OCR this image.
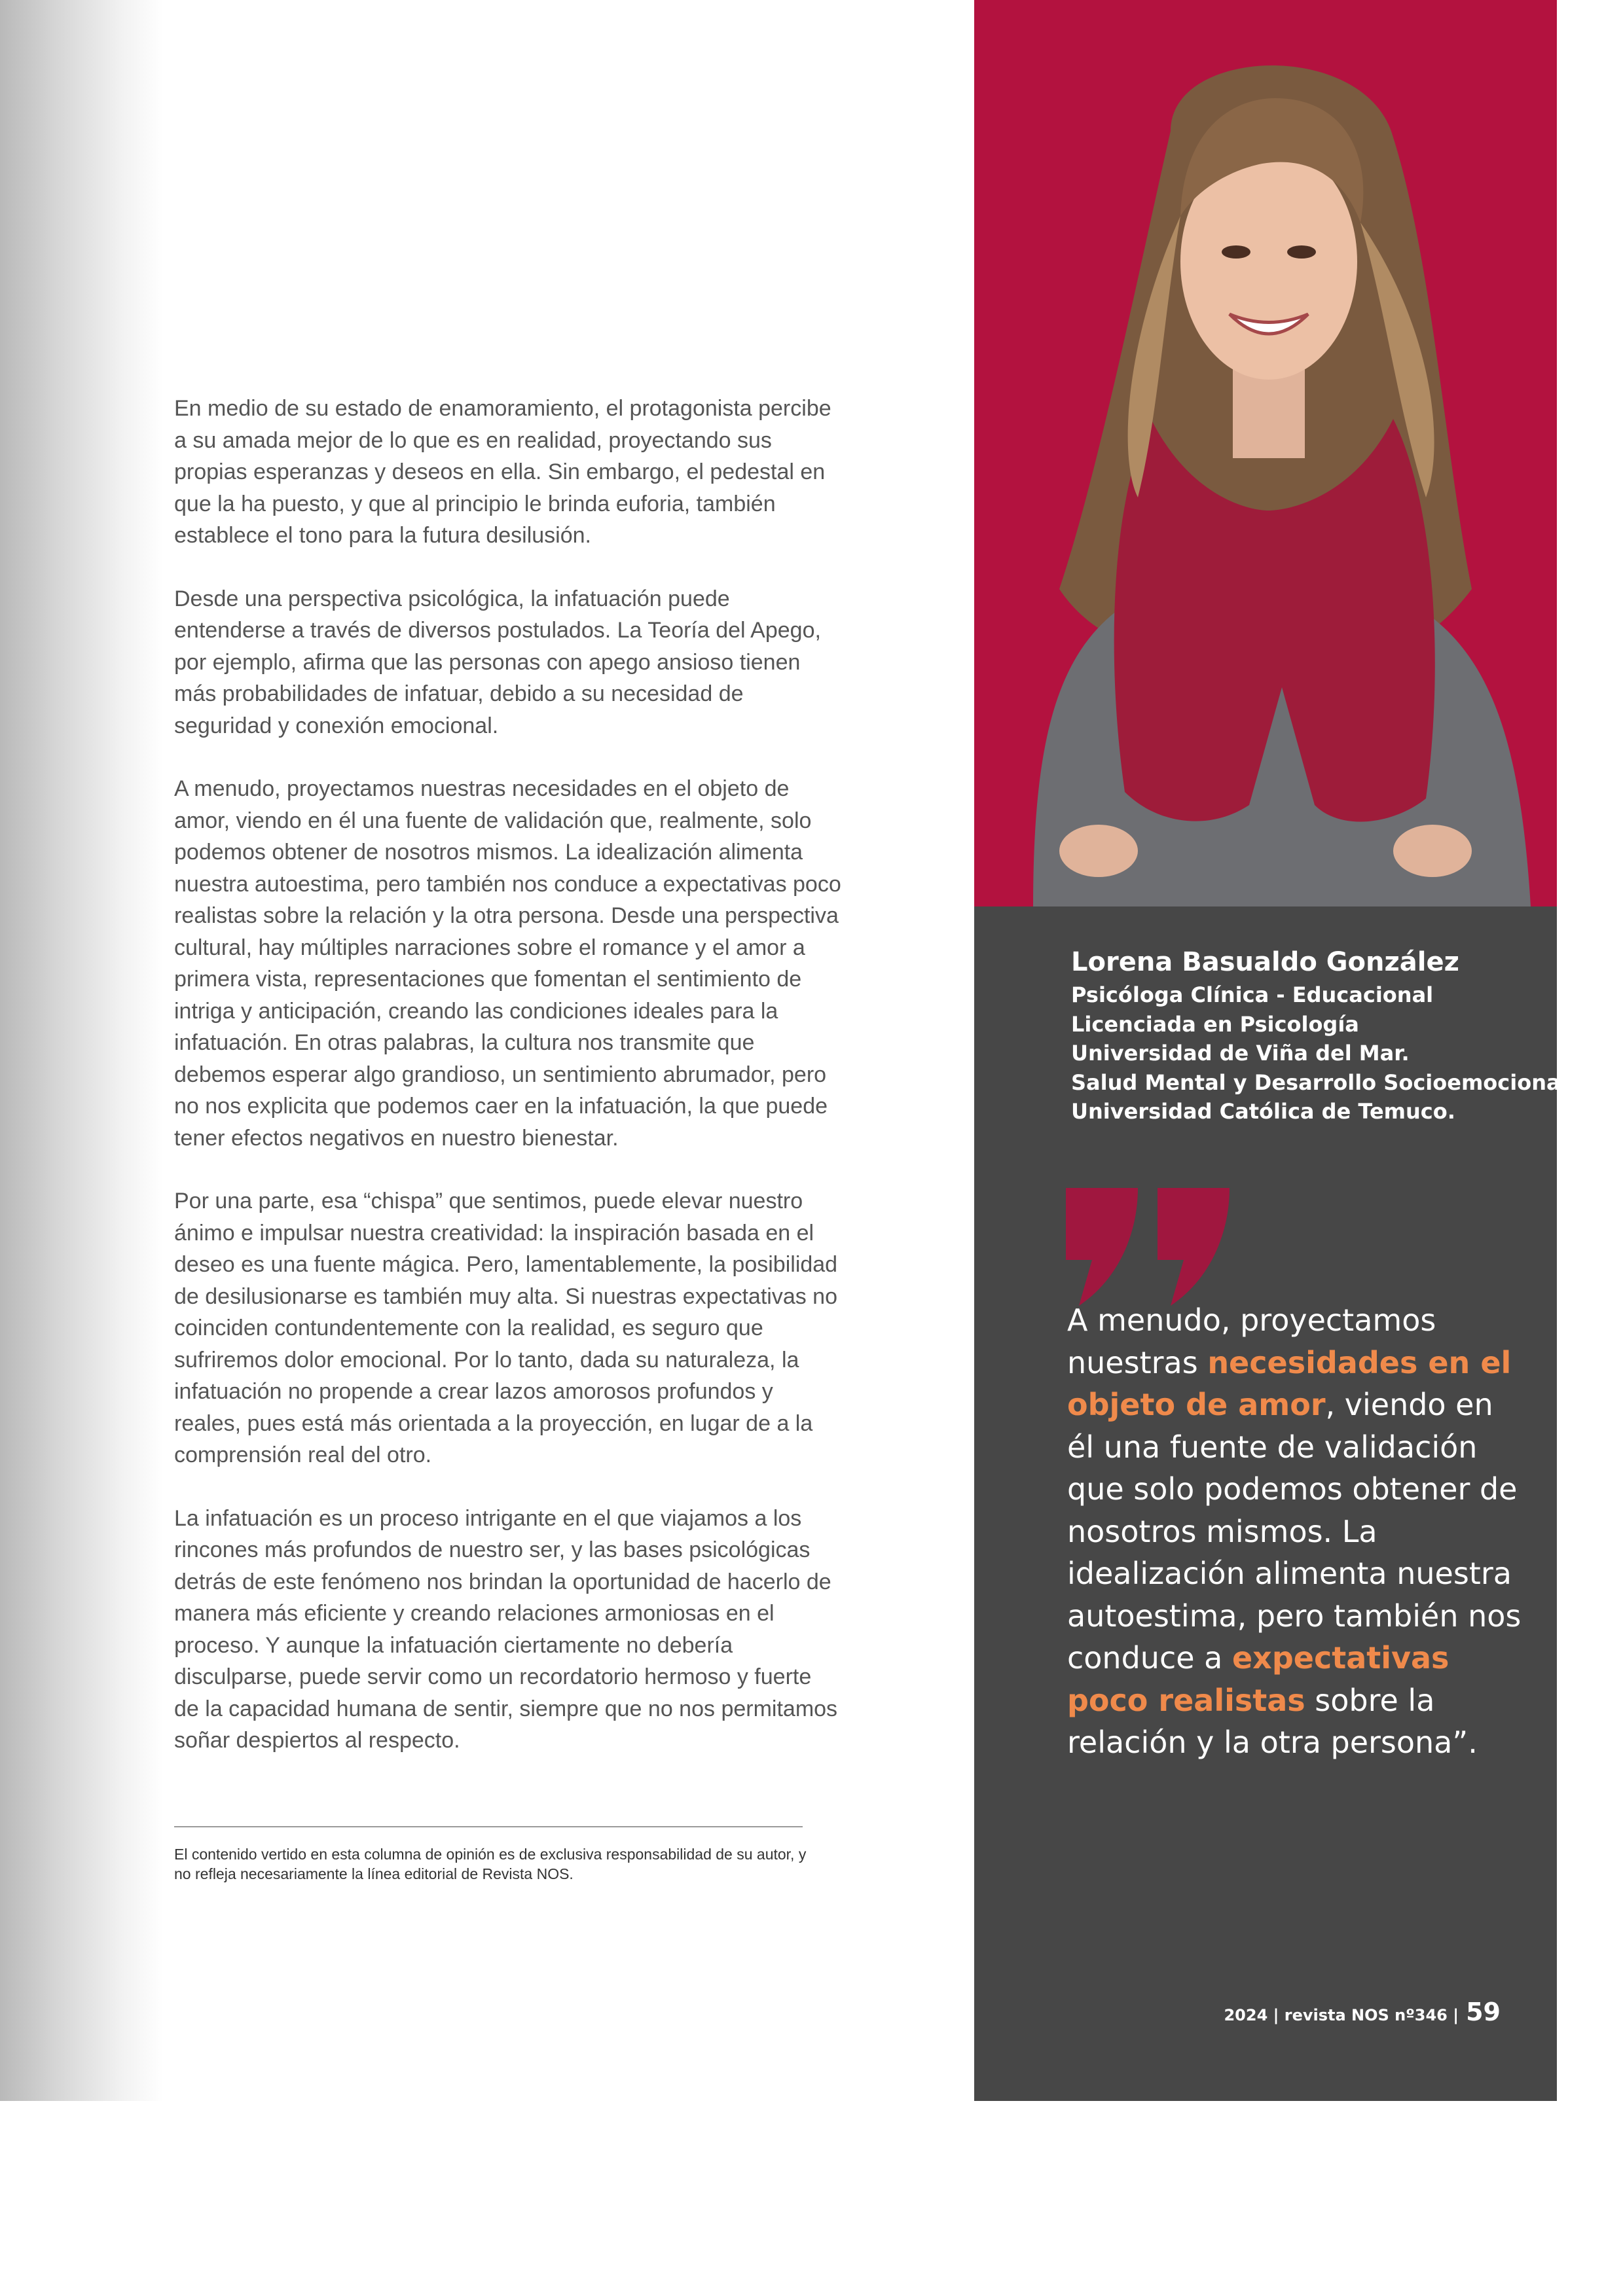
En medio de su estado de enamoramiento, el protagonista percibe a su amada mejor de lo que es en realidad, proyectando sus propias esperanzas y deseos en ella. Sin embargo, el pedestal en que la ha puesto, y que al principio le brinda euforia, también establece el tono para la futura desilusión.

Desde una perspectiva psicológica, la infatuación puede entenderse a través de diversos postulados. La Teoría del Apego, por ejemplo, afirma que las personas con apego ansioso tienen más probabilidades de infatuar, debido a su necesidad de seguridad y conexión emocional.

A menudo, proyectamos nuestras necesidades en el objeto de amor, viendo en él una fuente de validación que, realmente, solo podemos obtener de nosotros mismos. La idealización alimenta nuestra autoestima, pero también nos conduce a expectativas poco realistas sobre la relación y la otra persona. Desde una perspectiva cultural, hay múltiples narraciones sobre el romance y el amor a primera vista, representaciones que fomentan el sentimiento de intriga y anticipación, creando las condiciones ideales para la infatuación. En otras palabras, la cultura nos transmite que debemos esperar algo grandioso, un sentimiento abrumador, pero no nos explicita que podemos caer en la infatuación, la que puede tener efectos negativos en nuestro bienestar.

Por una parte, esa “chispa” que sentimos, puede elevar nuestro ánimo e impulsar nuestra creatividad: la inspiración basada en el deseo es una fuente mágica. Pero, lamentablemente, la posibilidad de desilusionarse es también muy alta. Si nuestras expectativas no coinciden contundentemente con la realidad, es seguro que sufriremos dolor emocional. Por lo tanto, dada su naturaleza, la infatuación no propende a crear lazos amorosos profundos y reales, pues está más orientada a la proyección, en lugar de a la comprensión real del otro.

La infatuación es un proceso intrigante en el que viajamos a los rincones más profundos de nuestro ser, y las bases psicológicas detrás de este fenómeno nos brindan la oportunidad de hacerlo de manera más eficiente y creando relaciones armoniosas en el proceso. Y aunque la infatuación ciertamente no debería disculparse, puede servir como un recordatorio hermoso y fuerte de la capacidad humana de sentir, siempre que no nos permitamos soñar despiertos al respecto.

El contenido vertido en esta columna de opinión es de exclusiva responsabilidad de su autor, y no refleja necesariamente la línea editorial de Revista NOS.

Lorena Basualdo González

Psicóloga Clínica - Educacional

Licenciada en Psicología

Universidad de Viña del Mar.

Salud Mental y Desarrollo Socioemocional

Universidad Católica de Temuco.

A menudo, proyectamos nuestras necesidades en el objeto de amor, viendo en él una fuente de validación que solo podemos obtener de nosotros mismos. La idealización alimenta nuestra autoestima, pero también nos conduce a expectativas poco realistas sobre la relación y la otra persona”.

2024 | revista NOS nº346 | 59
